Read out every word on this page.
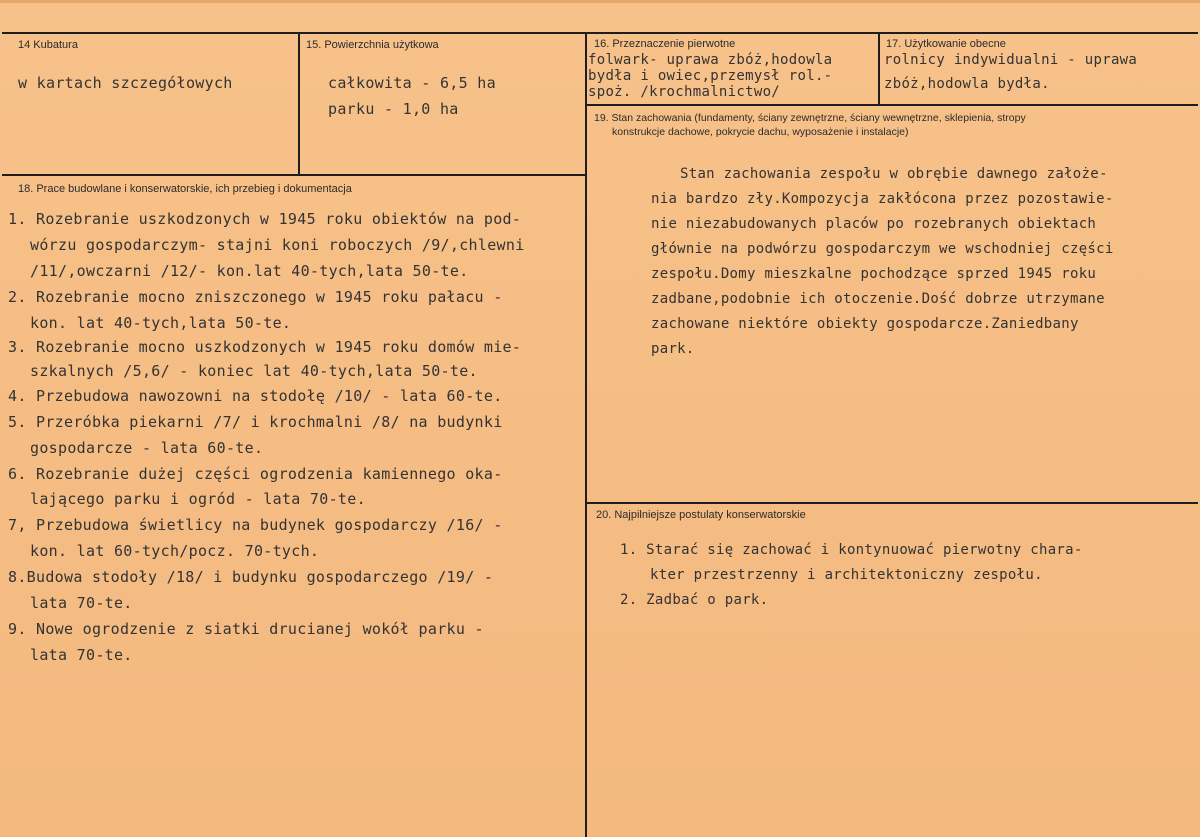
14 Kubatura
w kartach szczegółowych
15. Powierzchnia użytkowa
całkowita - 6,5 ha
parku - 1,0 ha
16. Przeznaczenie pierwotne
folwark- uprawa zbóż,hodowla
bydła i owiec,przemysł rol.-
spoż. /krochmalnictwo/
17. Użytkowanie obecne
rolnicy indywidualni - uprawa
zbóż,hodowla bydła.
19. Stan zachowania (fundamenty, ściany zewnętrzne, ściany wewnętrzne, sklepienia, stropy
konstrukcje dachowe, pokrycie dachu, wyposażenie i instalacje)
Stan zachowania zespołu w obrębie dawnego założe-
nia bardzo zły.Kompozycja zakłócona przez pozostawie-
nie niezabudowanych placów po rozebranych obiektach
głównie na podwórzu gospodarczym we wschodniej części
zespołu.Domy mieszkalne pochodzące sprzed 1945 roku
zadbane,podobnie ich otoczenie.Dość dobrze utrzymane
zachowane niektóre obiekty gospodarcze.Zaniedbany
park.
18. Prace budowlane i konserwatorskie, ich przebieg i dokumentacja
1. Rozebranie uszkodzonych w 1945 roku obiektów na pod-
wórzu gospodarczym- stajni koni roboczych /9/,chlewni
/11/,owczarni /12/- kon.lat 40-tych,lata 50-te.
2. Rozebranie mocno zniszczonego w 1945 roku pałacu -
kon. lat 40-tych,lata 50-te.
3. Rozebranie mocno uszkodzonych w 1945 roku domów mie-
szkalnych /5,6/ - koniec lat 40-tych,lata 50-te.
4. Przebudowa nawozowni na stodołę /10/ - lata 60-te.
5. Przeróbka piekarni /7/ i krochmalni /8/ na budynki
gospodarcze - lata 60-te.
6. Rozebranie dużej części ogrodzenia kamiennego oka-
lającego parku i ogród - lata 70-te.
7, Przebudowa świetlicy na budynek gospodarczy /16/ -
kon. lat 60-tych/pocz. 70-tych.
8.Budowa stodoły /18/ i budynku gospodarczego /19/ -
lata 70-te.
9. Nowe ogrodzenie z siatki drucianej wokół parku -
lata 70-te.
20. Najpilniejsze postulaty konserwatorskie
1. Starać się zachować i kontynuować pierwotny chara-
kter przestrzenny i architektoniczny zespołu.
2. Zadbać o park.
